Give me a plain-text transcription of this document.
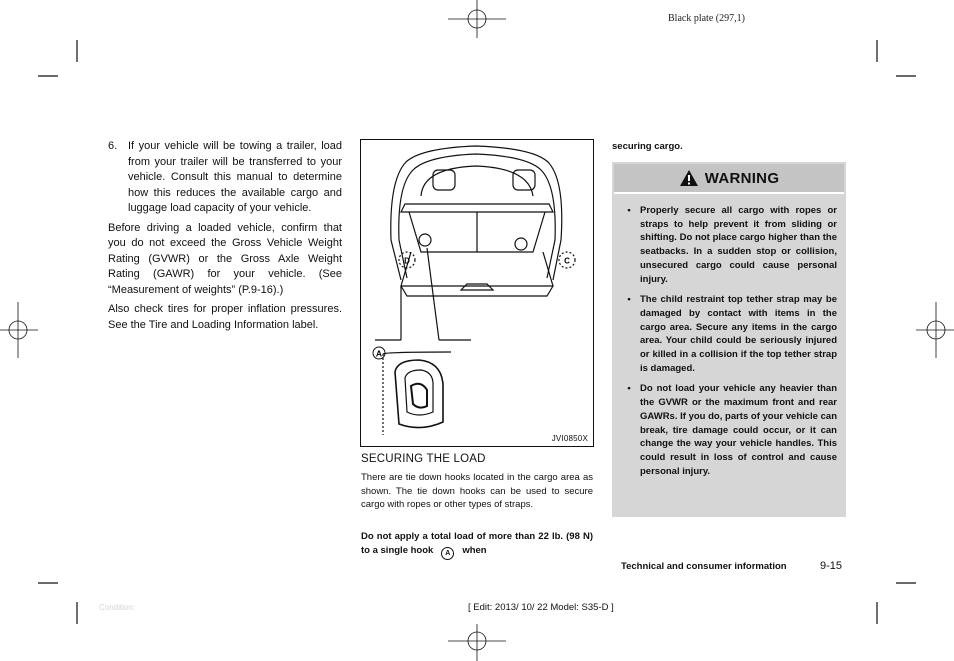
Black plate (297,1)
6. If your vehicle will be towing a trailer, load from your trailer will be transferred to your vehicle. Consult this manual to determine how this reduces the available cargo and luggage load capacity of your vehicle.
Before driving a loaded vehicle, confirm that you do not exceed the Gross Vehicle Weight Rating (GVWR) or the Gross Axle Weight Rating (GAWR) for your vehicle. (See “Measurement of weights” (P.9-16).)
Also check tires for proper inflation pressures. See the Tire and Loading Information label.
A
D	C
JVI0850X
SECURING THE LOAD
There are tie down hooks located in the cargo area as shown. The tie down hooks can be used to secure cargo with ropes or other types of straps.
Do not apply a total load of more than 22 lb. (98 N) to a single hook A when
securing cargo.
WARNING
• Properly secure all cargo with ropes or straps to help prevent it from sliding or shifting. Do not place cargo higher than the seatbacks. In a sudden stop or collision, unsecured cargo could cause personal injury.
• The child restraint top tether strap may be damaged by contact with items in the cargo area. Secure any items in the cargo area. Your child could be seriously injured or killed in a collision if the top tether strap is damaged.
• Do not load your vehicle any heavier than the GVWR or the maximum front and rear GAWRs. If you do, parts of your vehicle can break, tire damage could occur, or it can change the way your vehicle handles. This could result in loss of control and cause personal injury.
Technical and consumer information	9-15
Condition:	[ Edit: 2013/ 10/ 22 Model: S35-D ]
